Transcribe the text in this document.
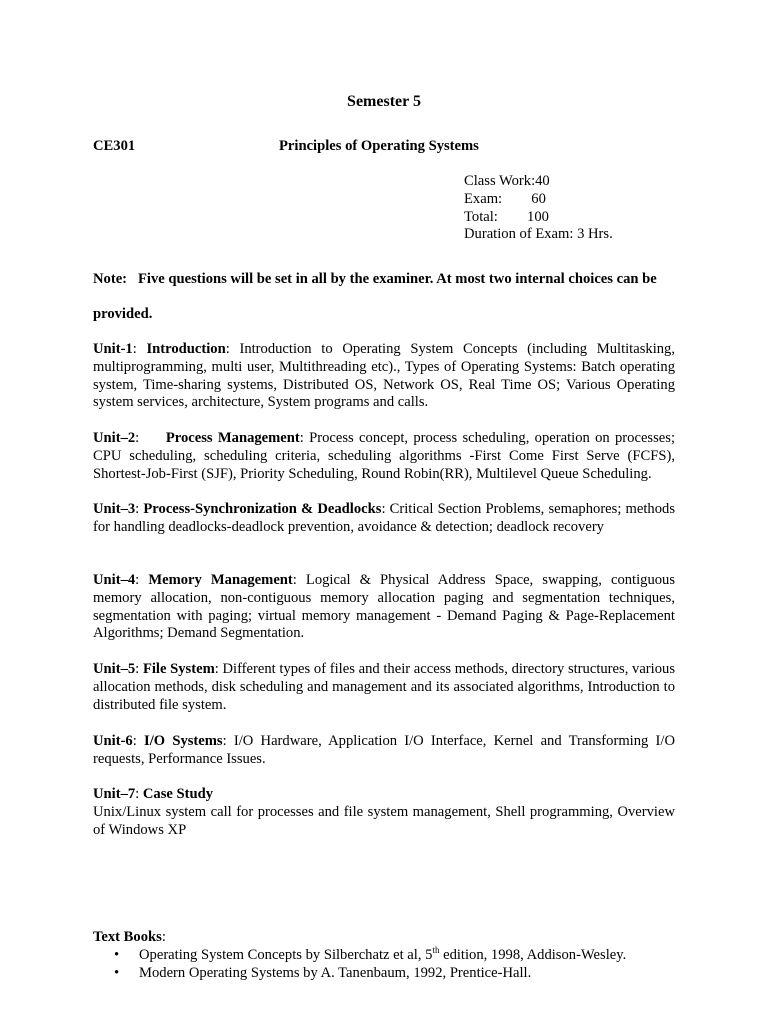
Semester 5
CE301	Principles of Operating Systems
Class Work:40
Exam:        60
Total:        100
Duration of Exam: 3 Hrs.
Note: Five questions will be set in all by the examiner. At most two internal choices can be provided.
Unit-1: Introduction: Introduction to Operating System Concepts (including Multitasking, multiprogramming, multi user, Multithreading etc)., Types of Operating Systems: Batch operating system, Time-sharing systems, Distributed OS, Network OS, Real Time OS; Various Operating system services, architecture, System programs and calls.
Unit–2:     Process Management: Process concept, process scheduling, operation on processes; CPU scheduling, scheduling criteria, scheduling algorithms -First Come First Serve (FCFS), Shortest-Job-First (SJF), Priority Scheduling, Round Robin(RR), Multilevel Queue Scheduling.
Unit–3: Process-Synchronization & Deadlocks: Critical Section Problems, semaphores; methods for handling deadlocks-deadlock prevention, avoidance & detection; deadlock recovery
Unit–4: Memory Management: Logical & Physical Address Space, swapping, contiguous memory allocation, non-contiguous memory allocation paging and segmentation techniques, segmentation with paging; virtual memory management - Demand Paging & Page-Replacement Algorithms; Demand Segmentation.
Unit–5: File System: Different types of files and their access methods, directory structures, various allocation methods, disk scheduling and management and its associated algorithms, Introduction to distributed file system.
Unit-6: I/O Systems: I/O Hardware, Application I/O Interface, Kernel and Transforming I/O requests, Performance Issues.
Unit–7: Case Study
Unix/Linux system call for processes and file system management, Shell programming, Overview of Windows XP
Text Books:
• Operating System Concepts by Silberchatz et al, 5th edition, 1998, Addison-Wesley.
• Modern Operating Systems by A. Tanenbaum, 1992, Prentice-Hall.
